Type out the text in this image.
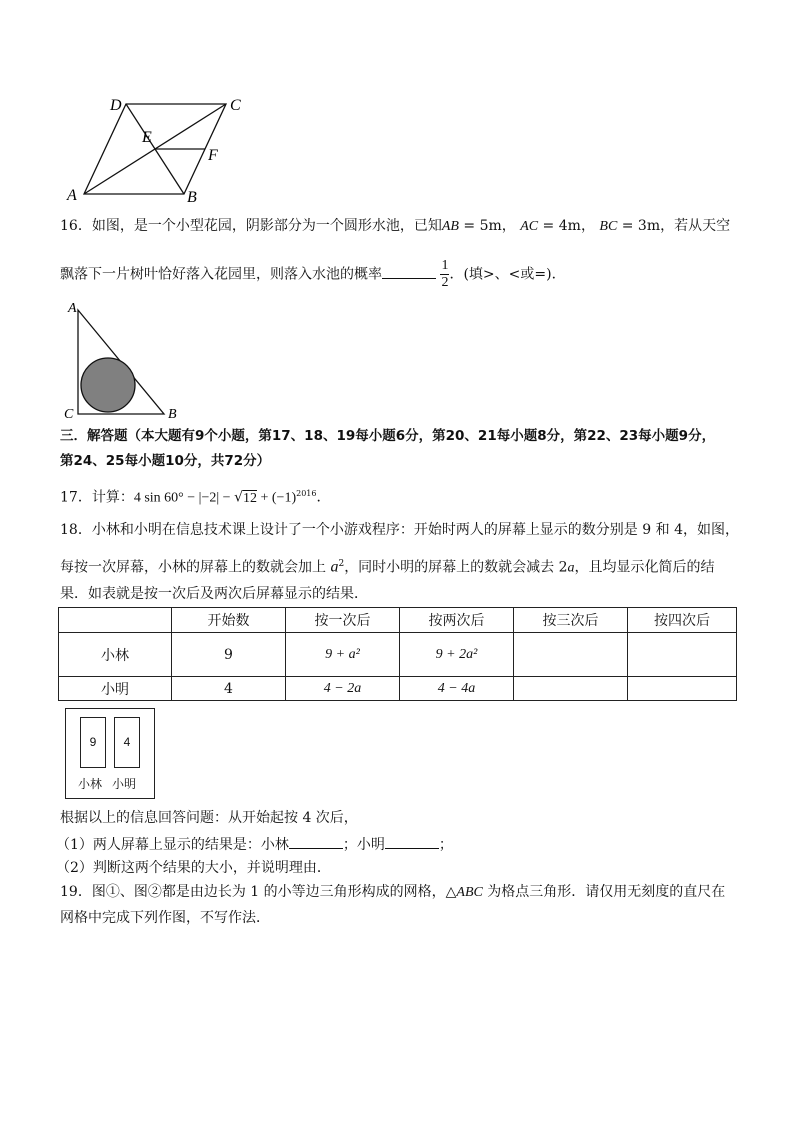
D	C
E
F
A	B
16．如图，是一个小型花园，阴影部分为一个圆形水池，已知AB = 5m， AC = 4m， BC = 3m，若从天空
飘落下一片树叶恰好落入花园里，则落入水池的概率	$\frac{1}{2}$ ．(填>、<或=)．
A
C	B
三．解答题（本大题有9个小题，第17、18、19每小题6分，第20、21每小题8分，第22、23每小题9分，
第24、25每小题10分，共72分）
17．计算：4 $\sin 60^\circ - |-2| - √12 + (-1)^{2016}$．
18．小林和小明在信息技术课上设计了一个小游戏程序：开始时两人的屏幕上显示的数分别是 9 和 4，如图，
每按一次屏幕，小林的屏幕上的数就会加上 $a^2$，同时小明的屏幕上的数就会减去 2a，且均显示化简后的结
果．如表就是按一次后及两次后屏幕显示的结果．
	开始数	按一次后	按两次后	按三次后	按四次后
小林	9	9 + a²	9 + 2a²		
小明	4	4 − 2a	4 − 4a		
9	4
小林 小明
根据以上的信息回答问题：从开始起按 4 次后，
（1）两人屏幕上显示的结果是：小林	；小明	；
（2）判断这两个结果的大小，并说明理由．
19．图①、图②都是由边长为 1 的小等边三角形构成的网格，△ABC 为格点三角形．请仅用无刻度的直尺在
网格中完成下列作图，不写作法．
